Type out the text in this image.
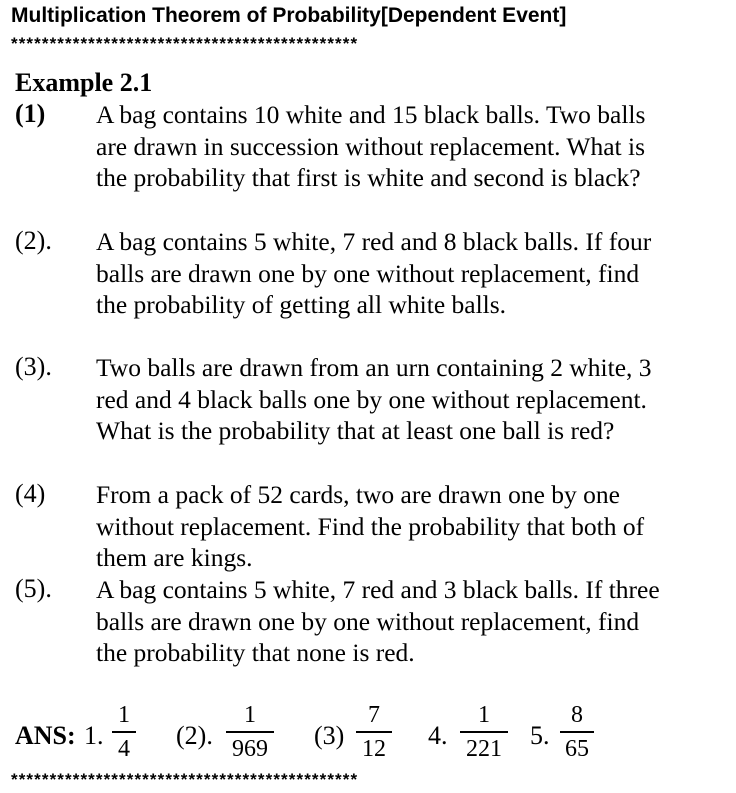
Multiplication Theorem of Probability[Dependent Event]
*********************************************
Example 2.1
(1) A bag contains 10 white and 15 black balls. Two balls
are drawn in succession without replacement. What is
the probability that first is white and second is black?
(2). A bag contains 5 white, 7 red and 8 black balls. If four
balls are drawn one by one without replacement, find
the probability of getting all white balls.
(3). Two balls are drawn from an urn containing 2 white, 3
red and 4 black balls one by one without replacement.
What is the probability that at least one ball is red?
(4) From a pack of 52 cards, two are drawn one by one
without replacement. Find the probability that both of
them are kings.
(5). A bag contains 5 white, 7 red and 3 black balls. If three
balls are drawn one by one without replacement, find
the probability that none is red.
ANS: 1.
1
4 (2).
1
969 (3)
7
12 4.
1
221 5.
8
65
*********************************************
